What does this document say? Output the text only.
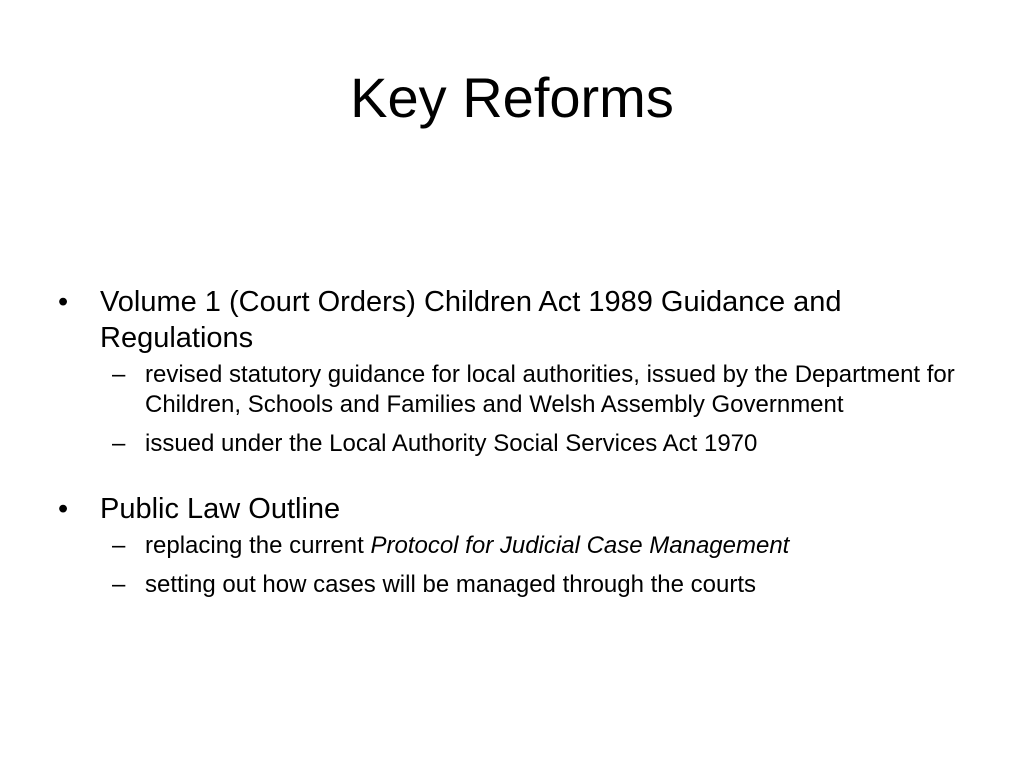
Key Reforms
• Volume 1 (Court Orders) Children Act 1989 Guidance and Regulations
– revised statutory guidance for local authorities, issued by the Department for Children, Schools and Families and Welsh Assembly Government
– issued under the Local Authority Social Services Act 1970
• Public Law Outline
– replacing the current Protocol for Judicial Case Management
– setting out how cases will be managed through the courts
